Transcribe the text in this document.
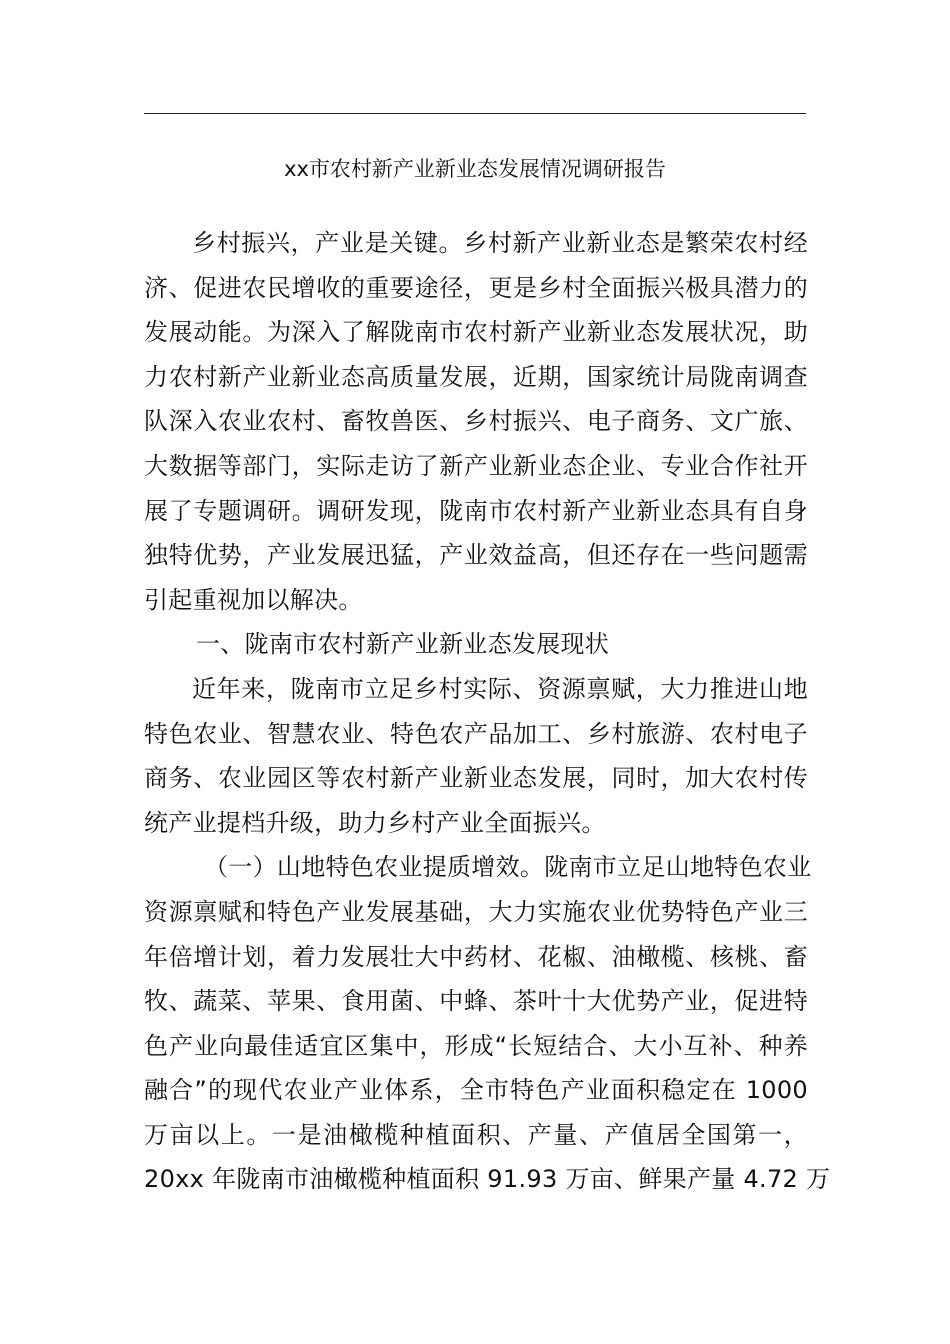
xx市农村新产业新业态发展情况调研报告
乡村振兴，产业是关键。乡村新产业新业态是繁荣农村经
济、促进农民增收的重要途径，更是乡村全面振兴极具潜力的
发展动能。为深入了解陇南市农村新产业新业态发展状况，助
力农村新产业新业态高质量发展，近期，国家统计局陇南调查
队深入农业农村、畜牧兽医、乡村振兴、电子商务、文广旅、
大数据等部门，实际走访了新产业新业态企业、专业合作社开
展了专题调研。调研发现，陇南市农村新产业新业态具有自身
独特优势，产业发展迅猛，产业效益高，但还存在一些问题需
引起重视加以解决。
一、陇南市农村新产业新业态发展现状
近年来，陇南市立足乡村实际、资源禀赋，大力推进山地
特色农业、智慧农业、特色农产品加工、乡村旅游、农村电子
商务、农业园区等农村新产业新业态发展，同时，加大农村传
统产业提档升级，助力乡村产业全面振兴。
（一）山地特色农业提质增效。陇南市立足山地特色农业
资源禀赋和特色产业发展基础，大力实施农业优势特色产业三
年倍增计划，着力发展壮大中药材、花椒、油橄榄、核桃、畜
牧、蔬菜、苹果、食用菌、中蜂、茶叶十大优势产业，促进特
色产业向最佳适宜区集中，形成“长短结合、大小互补、种养
融合”的现代农业产业体系，全市特色产业面积稳定在 1000
万亩以上。一是油橄榄种植面积、产量、产值居全国第一，
20xx 年陇南市油橄榄种植面积 91.93 万亩、鲜果产量 4.72 万
